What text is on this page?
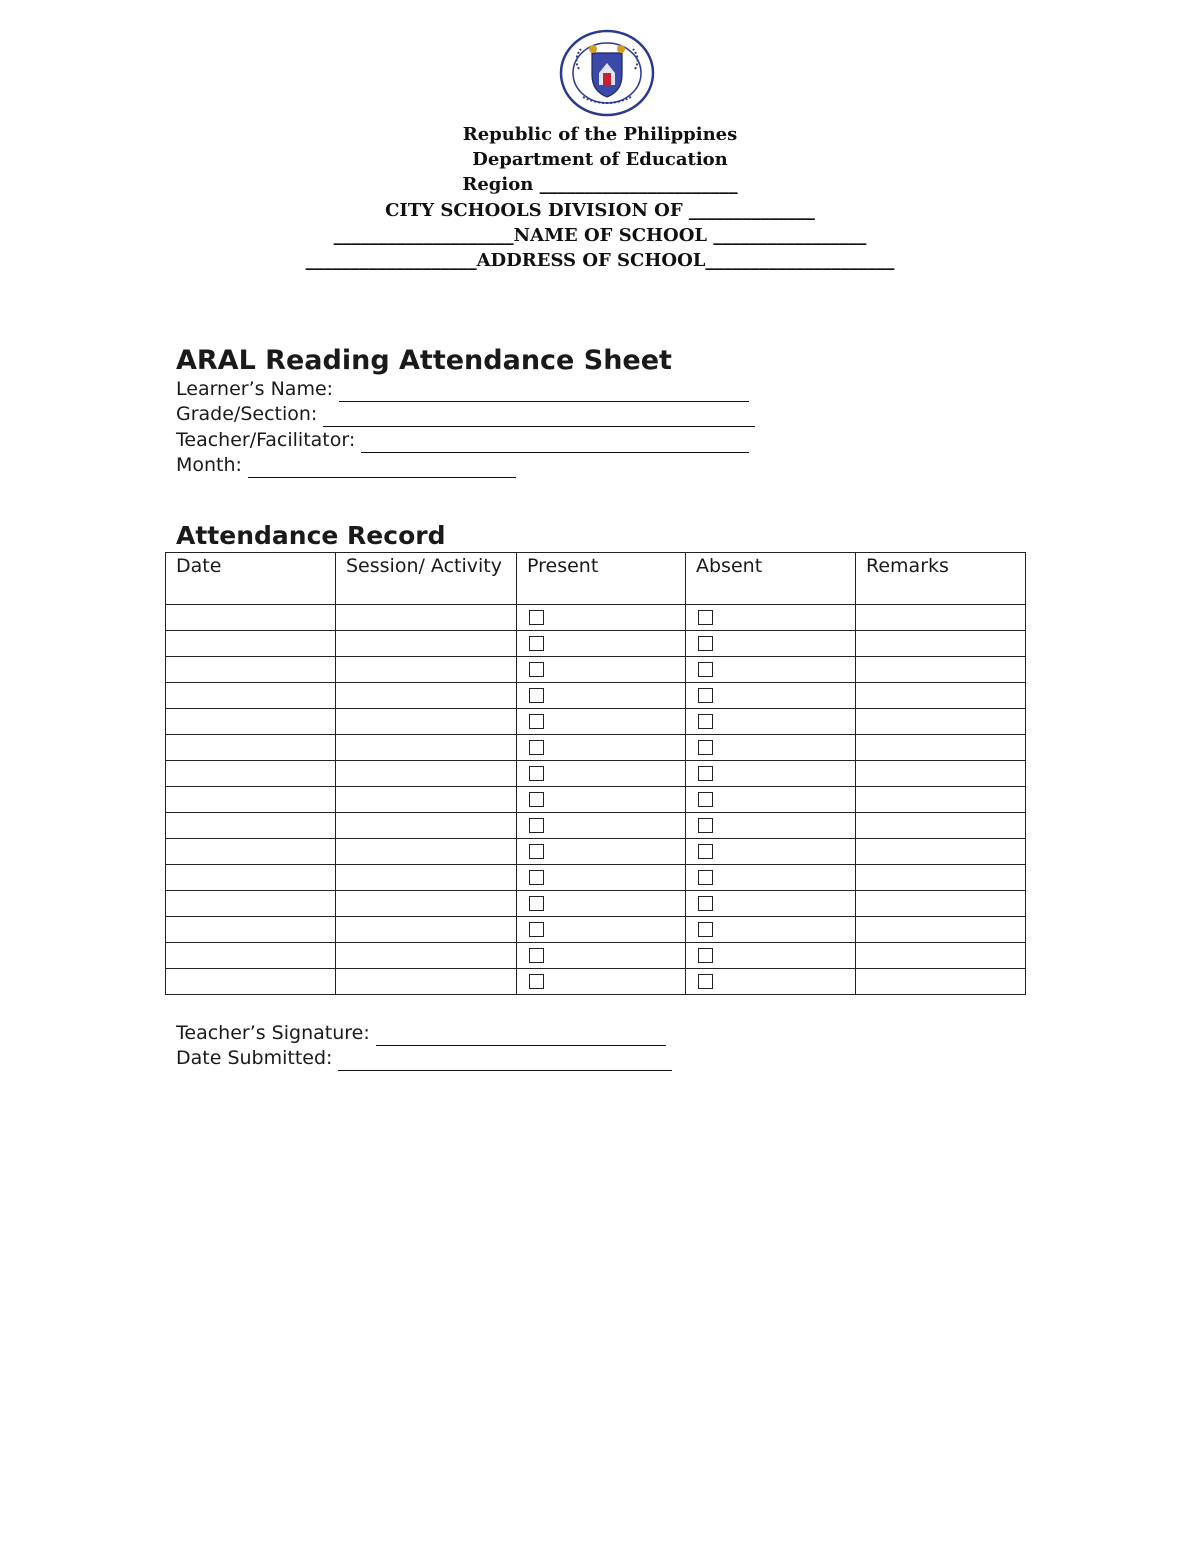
Republic of the Philippines
Department of Education
Region ______________________
CITY SCHOOLS DIVISION OF ______________
____________________NAME OF SCHOOL _________________
___________________ADDRESS OF SCHOOL_____________________
ARAL Reading Attendance Sheet
Learner’s Name:
Grade/Section:
Teacher/Facilitator:
Month:
Attendance Record
Date	Session/ Activity	Present	Absent	Remarks

Teacher’s Signature:
Date Submitted:
